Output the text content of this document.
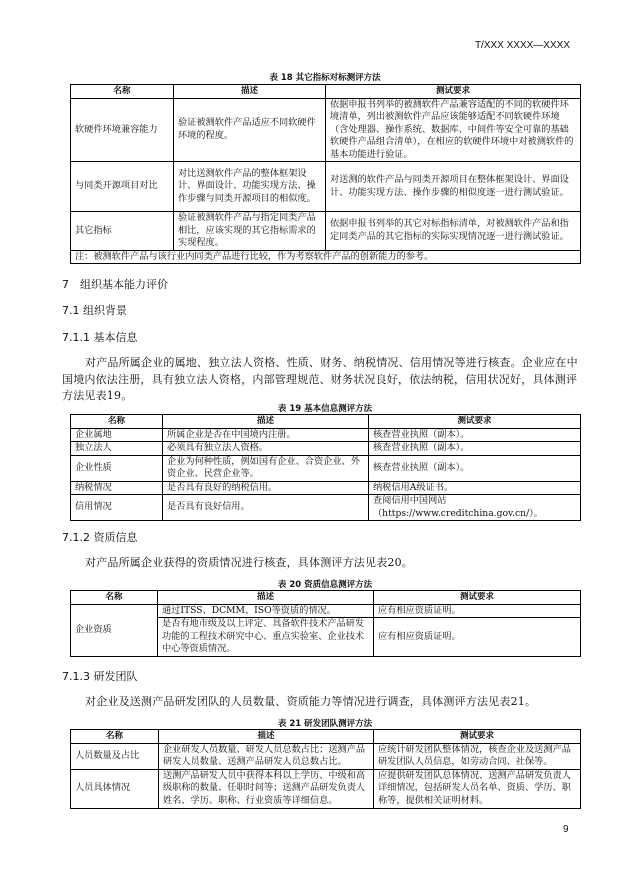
T/XXX XXXX—XXXX
表 18 其它指标对标测评方法
名称	描述	测试要求
软硬件环境兼容能力	验证被测软件产品适应不同软硬件环境的程度。	依据申报书列举的被测软件产品兼容适配的不同的软硬件环境清单，列出被测软件产品应该能够适配不同软硬件环境（含处理器、操作系统、数据库、中间件等安全可靠的基础软硬件产品组合清单），在相应的软硬件环境中对被测软件的基本功能进行验证。
与同类开源项目对比	对比送测软件产品的整体框架设计、界面设计、功能实现方法、操作步骤与同类开源项目的相似度。	对送测的软件产品与同类开源项目在整体框架设计、界面设计、功能实现方法、操作步骤的相似度逐一进行测试验证。
其它指标	验证被测软件产品与指定同类产品相比，应该实现的其它指标需求的实现程度。	依据申报书列举的其它对标指标清单，对被测软件产品和指定同类产品的其它指标的实际实现情况逐一进行测试验证。
注：被测软件产品与该行业内同类产品进行比较，作为考察软件产品的创新能力的参考。		
7　组织基本能力评价
7.1 组织背景
7.1.1 基本信息
对产品所属企业的属地、独立法人资格、性质、财务、纳税情况、信用情况等进行核查。企业应在中国境内依法注册，具有独立法人资格，内部管理规范、财务状况良好，依法纳税，信用状况好，具体测评方法见表19。
表 19 基本信息测评方法
名称	描述	测试要求
企业属地	所属企业是否在中国境内注册。	核查营业执照（副本）。
独立法人	必须具有独立法人资格。	核查营业执照（副本）。
企业性质	企业为何种性质，例如国有企业、合资企业、外资企业、民营企业等。	核查营业执照（副本）。
纳税情况	是否具有良好的纳税信用。	纳税信用A级证书。
信用情况	是否具有良好信用。	查阅信用中国网站（https://www.creditchina.gov.cn/）。
7.1.2 资质信息
对产品所属企业获得的资质情况进行核查，具体测评方法见表20。
表 20 资质信息测评方法
名称	描述	测试要求
企业资质	通过ITSS、DCMM、ISO等资质的情况。	应有相应资质证明。
	是否有地市级及以上评定、具备软件技术产品研发功能的工程技术研究中心、重点实验室、企业技术中心等资质情况。	应有相应资质证明。
7.1.3 研发团队
对企业及送测产品研发团队的人员数量、资质能力等情况进行调查，具体测评方法见表21。
表 21 研发团队测评方法
名称	描述	测试要求
人员数量及占比	企业研发人员数量、研发人员总数占比；送测产品研发人员数量、送测产品研发人员总数占比。	应统计研发团队整体情况，核查企业及送测产品研发团队人员信息，如劳动合同、社保等。
人员具体情况	送测产品研发人员中获得本科以上学历、中级和高级职称的数量、任职时间等；送测产品研发负责人姓名、学历、职称、行业资质等详细信息。	应提供研发团队总体情况、送测产品研发负责人详细情况，包括研发人员名单、资质、学历、职称等，提供相关证明材料。
9
